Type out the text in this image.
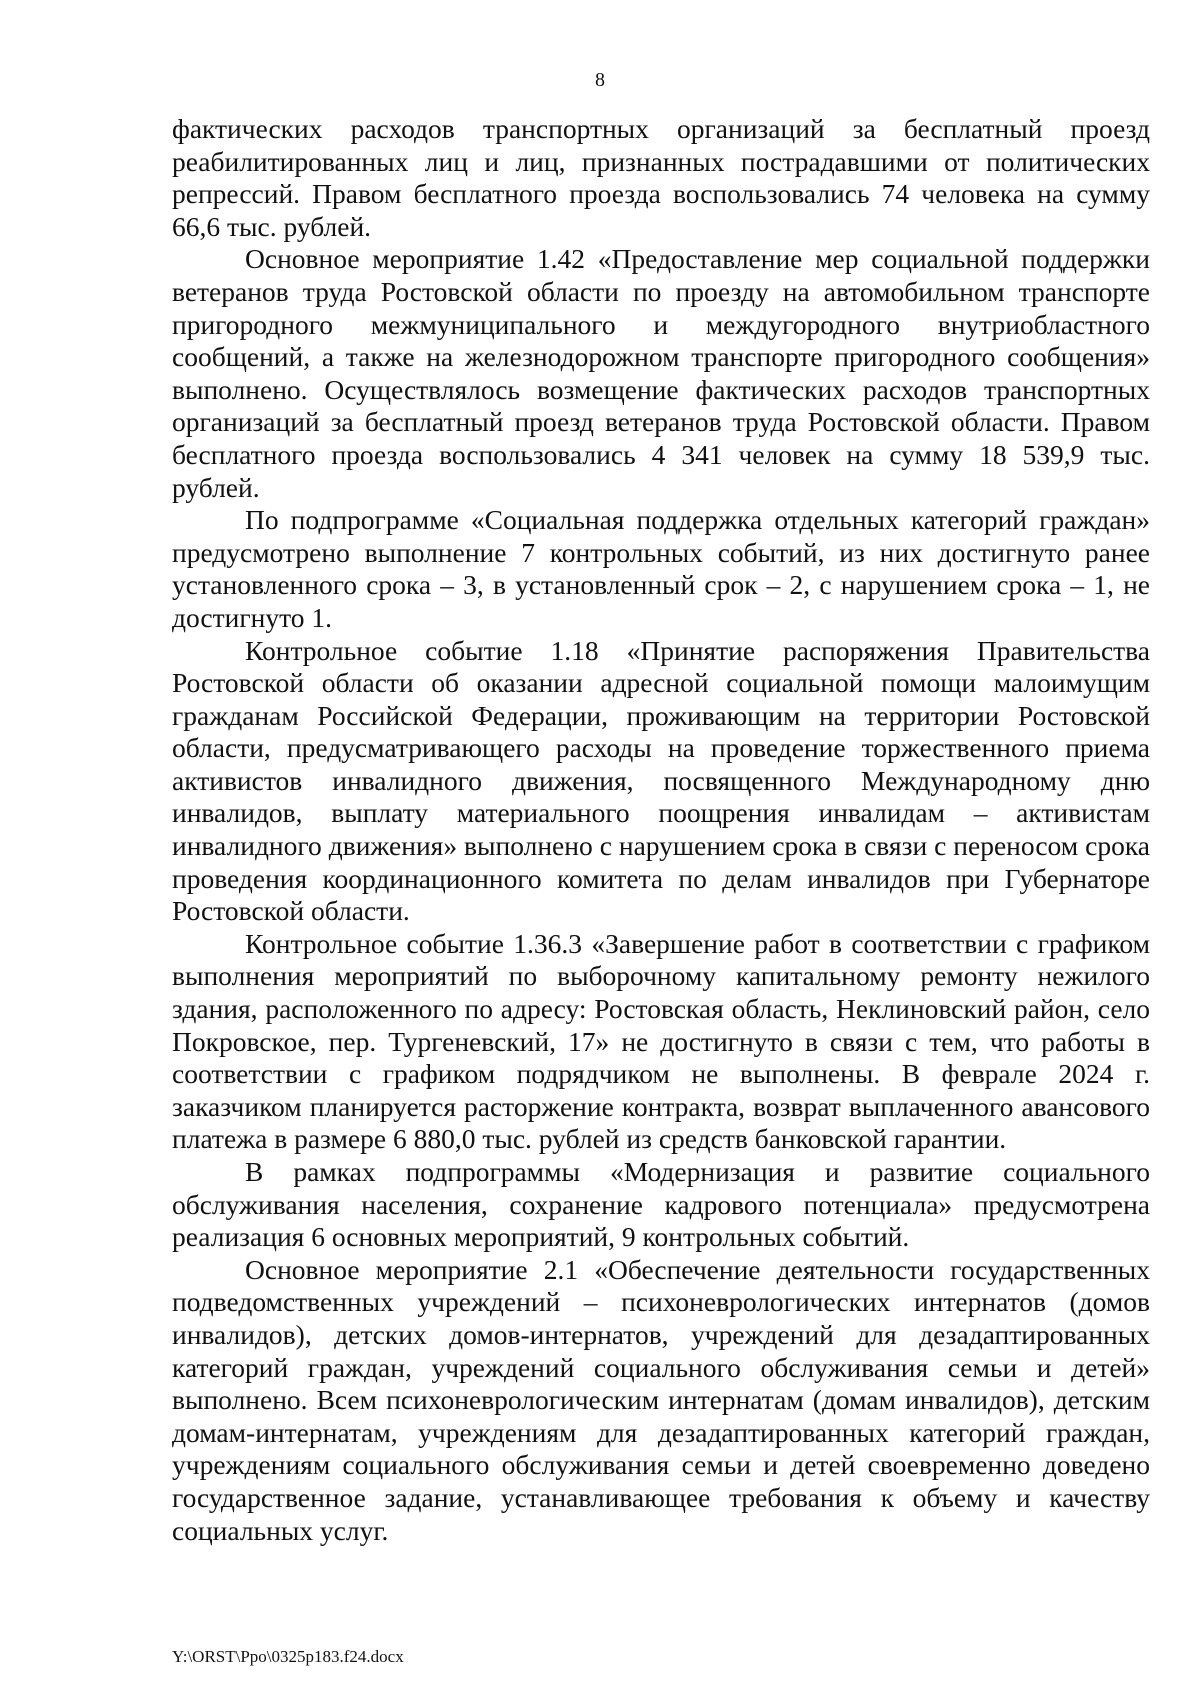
8

фактических расходов транспортных организаций за бесплатный проезд реабилитированных лиц и лиц, признанных пострадавшими от политических репрессий. Правом бесплатного проезда воспользовались 74 человека на сумму 66,6 тыс. рублей.

Основное мероприятие 1.42 «Предоставление мер социальной поддержки ветеранов труда Ростовской области по проезду на автомобильном транспорте пригородного межмуниципального и междугородного внутриобластного сообщений, а также на железнодорожном транспорте пригородного сообщения» выполнено. Осуществлялось возмещение фактических расходов транспортных организаций за бесплатный проезд ветеранов труда Ростовской области. Правом бесплатного проезда воспользовались 4 341 человек на сумму 18 539,9 тыс. рублей.

По подпрограмме «Социальная поддержка отдельных категорий граждан» предусмотрено выполнение 7 контрольных событий, из них достигнуто ранее установленного срока – 3, в установленный срок – 2, с нарушением срока – 1, не достигнуто 1.

Контрольное событие 1.18 «Принятие распоряжения Правительства Ростовской области об оказании адресной социальной помощи малоимущим гражданам Российской Федерации, проживающим на территории Ростовской области, предусматривающего расходы на проведение торжественного приема активистов инвалидного движения, посвященного Международному дню инвалидов, выплату материального поощрения инвалидам – активистам инвалидного движения» выполнено с нарушением срока в связи с переносом срока проведения координационного комитета по делам инвалидов при Губернаторе Ростовской области.

Контрольное событие 1.36.3 «Завершение работ в соответствии с графиком выполнения мероприятий по выборочному капитальному ремонту нежилого здания, расположенного по адресу: Ростовская область, Неклиновский район, село Покровское, пер. Тургеневский, 17» не достигнуто в связи с тем, что работы в соответствии с графиком подрядчиком не выполнены. В феврале 2024 г. заказчиком планируется расторжение контракта, возврат выплаченного авансового платежа в размере 6 880,0 тыс. рублей из средств банковской гарантии.

В рамках подпрограммы «Модернизация и развитие социального обслуживания населения, сохранение кадрового потенциала» предусмотрена реализация 6 основных мероприятий, 9 контрольных событий.

Основное мероприятие 2.1 «Обеспечение деятельности государственных подведомственных учреждений – психоневрологических интернатов (домов инвалидов), детских домов-интернатов, учреждений для дезадаптированных категорий граждан, учреждений социального обслуживания семьи и детей» выполнено. Всем психоневрологическим интернатам (домам инвалидов), детским домам-интернатам, учреждениям для дезадаптированных категорий граждан, учреждениям социального обслуживания семьи и детей своевременно доведено государственное задание, устанавливающее требования к объему и качеству социальных услуг.

Y:\ORST\Ppo\0325p183.f24.docx
